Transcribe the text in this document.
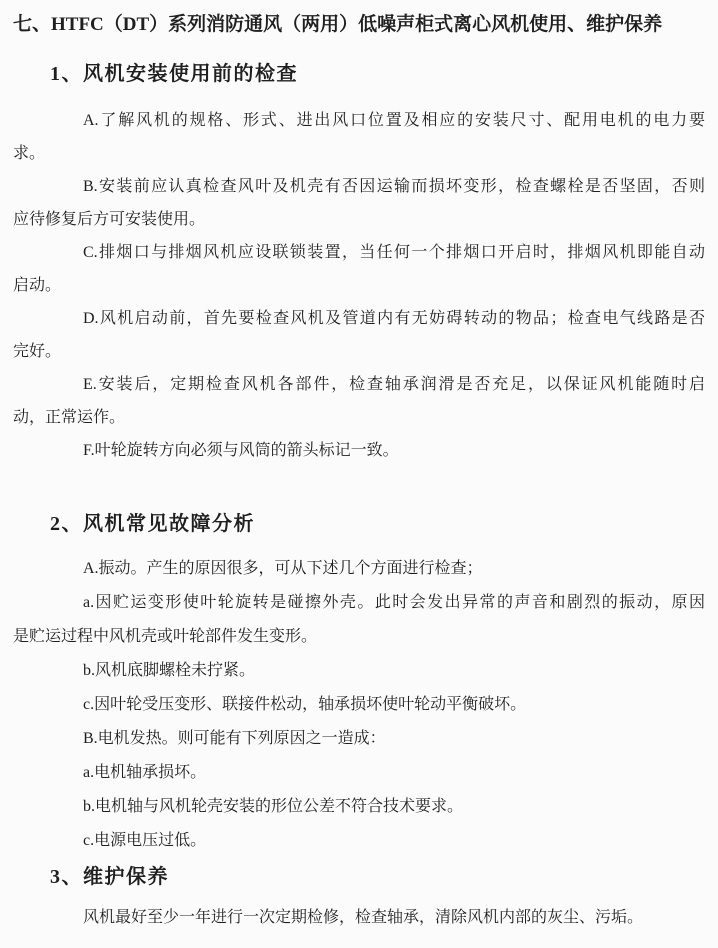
七、HTFC（DT）系列消防通风（两用）低噪声柜式离心风机使用、维护保养
1、风机安装使用前的检查
A.了解风机的规格、形式、进出风口位置及相应的安装尺寸、配用电机的电力要
求。
B.安装前应认真检查风叶及机壳有否因运输而损坏变形，检查螺栓是否坚固，否则
应待修复后方可安装使用。
C.排烟口与排烟风机应设联锁装置，当任何一个排烟口开启时，排烟风机即能自动
启动。
D.风机启动前，首先要检查风机及管道内有无妨碍转动的物品；检查电气线路是否
完好。
E.安装后，定期检查风机各部件，检查轴承润滑是否充足，以保证风机能随时启
动，正常运作。
F.叶轮旋转方向必须与风筒的箭头标记一致。
2、风机常见故障分析
A.振动。产生的原因很多，可从下述几个方面进行检查；
a.因贮运变形使叶轮旋转是碰擦外壳。此时会发出异常的声音和剧烈的振动，原因
是贮运过程中风机壳或叶轮部件发生变形。
b.风机底脚螺栓未拧紧。
c.因叶轮受压变形、联接件松动，轴承损坏使叶轮动平衡破坏。
B.电机发热。则可能有下列原因之一造成：
a.电机轴承损坏。
b.电机轴与风机轮壳安装的形位公差不符合技术要求。
c.电源电压过低。
3、维护保养
风机最好至少一年进行一次定期检修，检查轴承，清除风机内部的灰尘、污垢。
